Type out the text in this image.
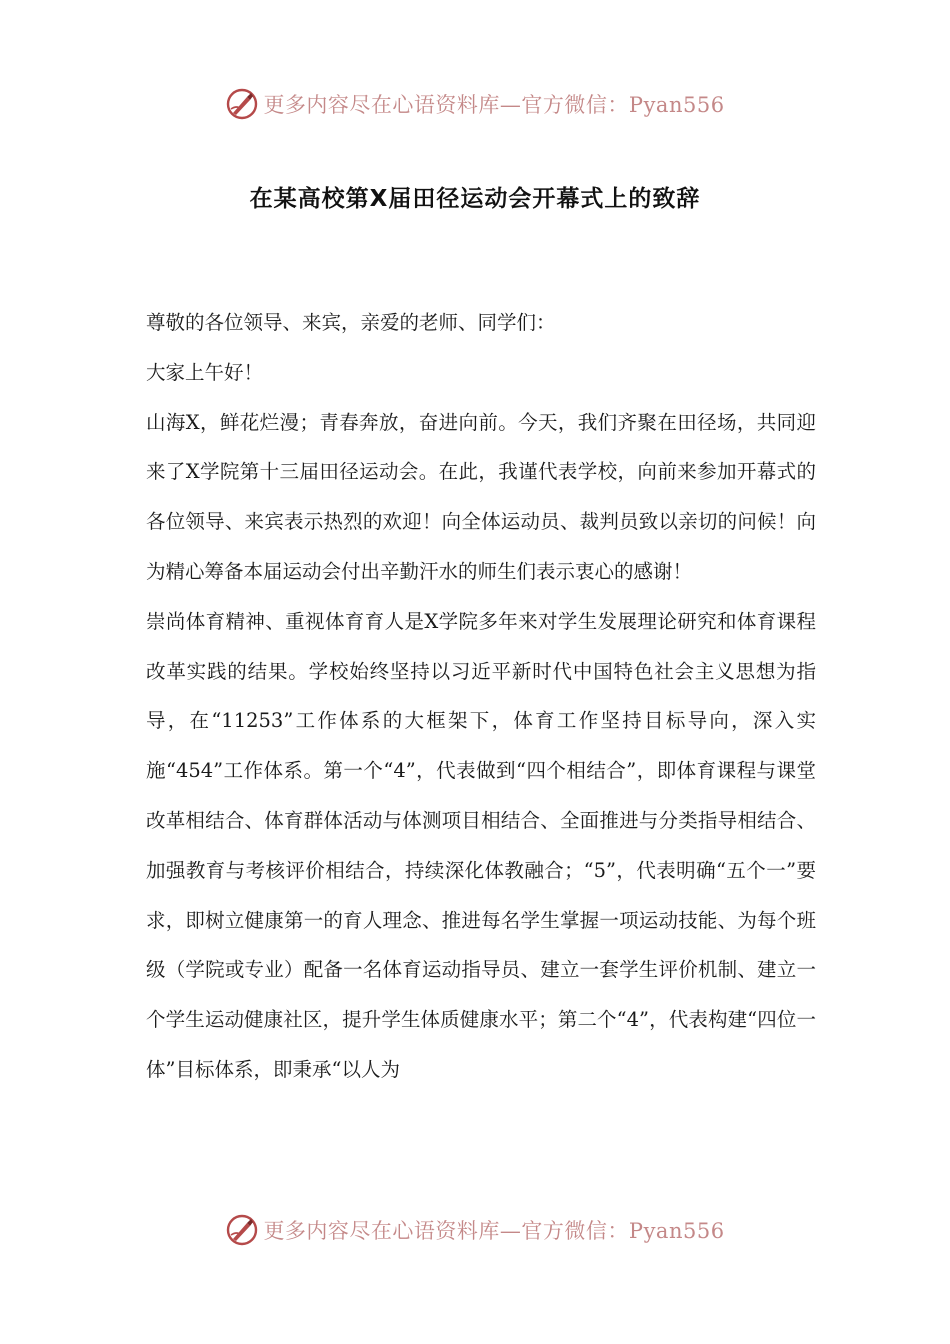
更多内容尽在心语资料库—官方微信：Pyan556
在某高校第X届田径运动会开幕式上的致辞

尊敬的各位领导、来宾，亲爱的老师、同学们：

大家上午好！

山海X，鲜花烂漫；青春奔放，奋进向前。今天，我们齐聚在田径场，共同迎来了X学院第十三届田径运动会。在此，我谨代表学校，向前来参加开幕式的各位领导、来宾表示热烈的欢迎！向全体运动员、裁判员致以亲切的问候！向为精心筹备本届运动会付出辛勤汗水的师生们表示衷心的感谢！

崇尚体育精神、重视体育育人是X学院多年来对学生发展理论研究和体育课程改革实践的结果。学校始终坚持以习近平新时代中国特色社会主义思想为指导，在“11253”工作体系的大框架下，体育工作坚持目标导向，深入实施“454”工作体系。第一个“4”，代表做到“四个相结合”，即体育课程与课堂改革相结合、体育群体活动与体测项目相结合、全面推进与分类指导相结合、加强教育与考核评价相结合，持续深化体教融合；“5”，代表明确“五个一”要求，即树立健康第一的育人理念、推进每名学生掌握一项运动技能、为每个班级（学院或专业）配备一名体育运动指导员、建立一套学生评价机制、建立一个学生运动健康社区，提升学生体质健康水平；第二个“4”，代表构建“四位一体”目标体系，即秉承“以人为

更多内容尽在心语资料库—官方微信：Pyan556
